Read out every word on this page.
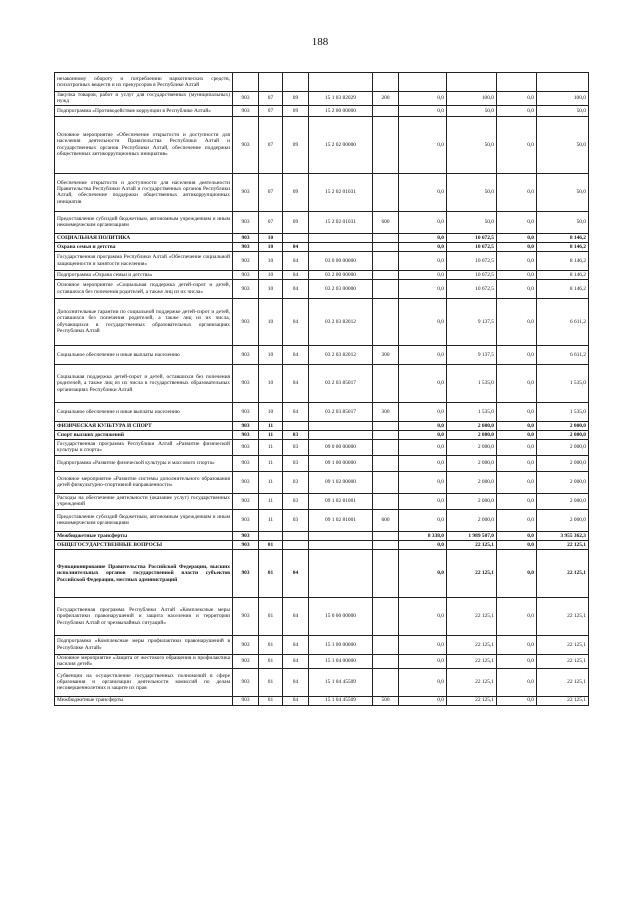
188
незаконному обороту и потреблению наркотических средств, психотропных веществ и их прекурсоров в Республике Алтай									
Закупка товаров, работ и услуг для государственных (муниципальных) нужд	903	07	09	15 1 03 82029	200	0,0	100,0	0,0	100,0
Подпрограмма «Противодействие коррупции в Республике Алтай»	903	07	09	15 2 00 00000		0,0	50,0	0,0	50,0
Основное мероприятие «Обеспечение открытости и доступности для населения деятельности Правительства Республики Алтай и государственных органов Республики Алтай, обеспечение поддержки общественных антикоррупционных инициатив»	903	07	09	15 2 02 00000		0,0	50,0	0,0	50,0
Обеспечение открытости и доступности для населения деятельности Правительства Республики Алтай и государственных органов Республики Алтай, обеспечение поддержки общественных антикоррупционных инициатив	903	07	09	15 2 02 01031		0,0	50,0	0,0	50,0
Предоставление субсидий бюджетным, автономным учреждениям и иным некоммерческим организациям	903	07	09	15 2 02 01031	600	0,0	50,0	0,0	50,0
СОЦИАЛЬНАЯ ПОЛИТИКА	903	10				0,0	10 672,5	0,0	8 146,2
Охрана семьи и детства	903	10	04			0,0	10 672,5	0,0	8 146,2
Государственная программа Республики Алтай «Обеспечение социальной защищенности и занятости населения»	903	10	04	03 0 00 00000		0,0	10 672,5	0,0	8 146,2
Подпрограмма «Охрана семьи и детства»	903	10	04	03 2 00 00000		0,0	10 672,5	0,0	8 146,2
Основное мероприятие «Социальная поддержка детей-сирот и детей, оставшихся без попечения родителей, а также лиц из их числа»	903	10	04	03 2 03 00000		0,0	10 672,5	0,0	8 146,2
Дополнительные гарантии по социальной поддержке детей-сирот и детей, оставшихся без попечения родителей, а также лиц из их числа, обучающихся в государственных образовательных организациях Республики Алтай	903	10	04	03 2 03 82012		0,0	9 137,5	0,0	6 611,2
Социальное обеспечение и иные выплаты населению	903	10	04	03 2 03 82012	300	0,0	9 137,5	0,0	6 611,2
Социальная поддержка детей-сирот и детей, оставшихся без попечения родителей, а также лиц из их числа в государственных образовательных организациях Республики Алтай	903	10	04	03 2 03 85017		0,0	1 535,0	0,0	1 535,0
Социальное обеспечение и иные выплаты населению	903	10	04	03 2 03 85017	300	0,0	1 535,0	0,0	1 535,0
ФИЗИЧЕСКАЯ КУЛЬТУРА И СПОРТ	903	11				0,0	2 000,0	0,0	2 000,0
Спорт высших достижений	903	11	03			0,0	2 000,0	0,0	2 000,0
Государственная программа Республики Алтай «Развитие физической культуры и спорта»	903	11	03	09 0 00 00000		0,0	2 000,0	0,0	2 000,0
Подпрограмма «Развитие физической культуры и массового спорта»	903	11	03	09 1 00 00000		0,0	2 000,0	0,0	2 000,0
Основное мероприятие «Развитие системы дополнительного образования детей физкультурно-спортивной направленности»	903	11	03	09 1 02 00000		0,0	2 000,0	0,0	2 000,0
Расходы на обеспечение деятельности (оказание услуг) государственных учреждений	903	11	03	09 1 02 81001		0,0	2 000,0	0,0	2 000,0
Предоставление субсидий бюджетным, автономным учреждениям и иным некоммерческим организациям	903	11	03	09 1 02 81001	600	0,0	2 000,0	0,0	2 000,0
Межбюджетные трансферты	903					8 338,0	1 989 507,0	0,0	3 955 362,3
ОБЩЕГОСУДАРСТВЕННЫЕ ВОПРОСЫ	903	01				0,0	22 125,1	0,0	22 125,1
Функционирование Правительства Российской Федерации, высших исполнительных органов государственной власти субъектов Российской Федерации, местных администраций	903	01	04			0,0	22 125,1	0,0	22 125,1
Государственная программа Республики Алтай «Комплексные меры профилактики правонарушений и защита населения и территории Республики Алтай от чрезвычайных ситуаций»	903	01	04	15 0 00 00000		0,0	22 125,1	0,0	22 125,1
Подпрограмма «Комплексные меры профилактики правонарушений в Республике Алтай»	903	01	04	15 1 00 00000		0,0	22 125,1	0,0	22 125,1
Основное мероприятие «Защита от жестокого обращения и профилактика насилия детей»	903	01	04	15 1 04 00000		0,0	22 125,1	0,0	22 125,1
Субвенции на осуществление государственных полномочий в сфере образования и организации деятельности комиссий по делам несовершеннолетних и защите их прав	903	01	04	15 1 04 45509		0,0	22 125,1	0,0	22 125,1
Межбюджетные трансферты	903	01	04	15 1 04 45509	500	0,0	22 125,1	0,0	22 125,1
